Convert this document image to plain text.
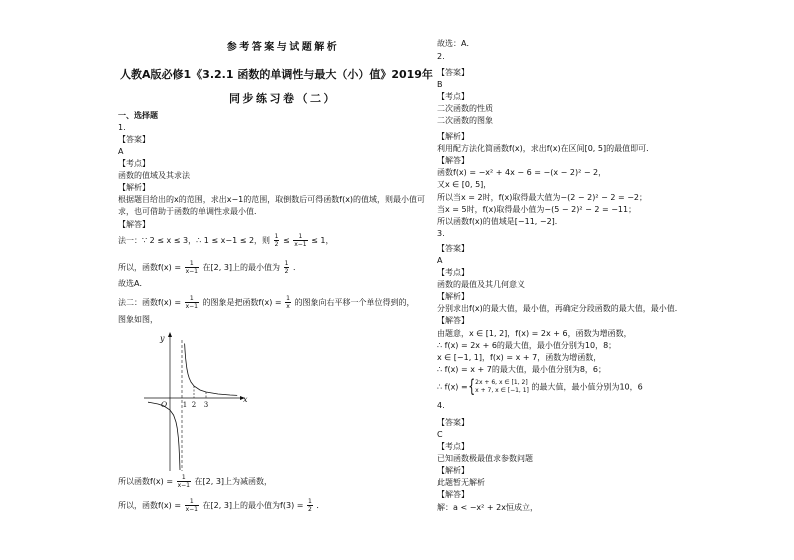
参考答案与试题解析
人教A版必修1《3.2.1 函数的单调性与最大（小）值》2019年
同步练习卷（二）
一、选择题
1.
【答案】
A
【考点】
函数的值域及其求法
【解析】
根据题目给出的x的范围，求出x−1的范围，取倒数后可得函数f(x)的值域，则最小值可
求，也可借助于函数的单调性求最小值．
【解答】
法一：∵ 2 ≤ x ≤ 3，∴ 1 ≤ x−1 ≤ 2，则 $\frac{1}{2} \le \frac{1}{x-1} \le 1$，
所以，函数$f(x) = \frac{1}{x-1}$ 在[2, 3]上的最小值为 $\frac{1}{2}$ ．
故选A．
法二：函数$f(x) = \frac{1}{x-1}$ 的图象是把函数$f(x) = \frac{1}{x}$ 的图象向右平移一个单位得到的，
图象如图，
y
x
O 1 2 3
所以函数$f(x) = \frac{1}{x-1}$ 在[2, 3]上为减函数，
所以，函数$f(x) = \frac{1}{x-1}$ 在[2, 3]上的最小值为$f(3) = \frac{1}{2}$ ．
故选：A．
2.
【答案】
B
【考点】
二次函数的性质
二次函数的图象
【解析】
利用配方法化简函数f(x)，求出f(x)在区间[0, 5]的最值即可．
【解答】
函数f(x) = −x² + 4x − 6 = −(x − 2)² − 2，
又x ∈ [0, 5]，
所以当x = 2时，f(x)取得最大值为−(2 − 2)² − 2 = −2；
当x = 5时，f(x)取得最小值为−(5 − 2)² − 2 = −11；
所以函数f(x)的值域是[−11, −2]．
3.
【答案】
A
【考点】
函数的最值及其几何意义
【解析】
分别求出f(x)的最大值，最小值，再确定分段函数的最大值，最小值．
【解答】
由题意，x ∈ [1, 2]，f(x) = 2x + 6，函数为增函数，
∴ f(x) = 2x + 6的最大值，最小值分别为10，8；
x ∈ [−1, 1]，f(x) = x + 7，函数为增函数，
∴ f(x) = x + 7的最大值，最小值分别为8，6；
∴ f(x) ={ 2x + 6, x ∈ [1, 2]
x + 7, x ∈ [−1, 1] 的最大值，最小值分别为10，6
4.
【答案】
C
【考点】
已知函数极最值求参数问题
【解析】
此题暂无解析
【解答】
解：a < −x² + 2x恒成立，
